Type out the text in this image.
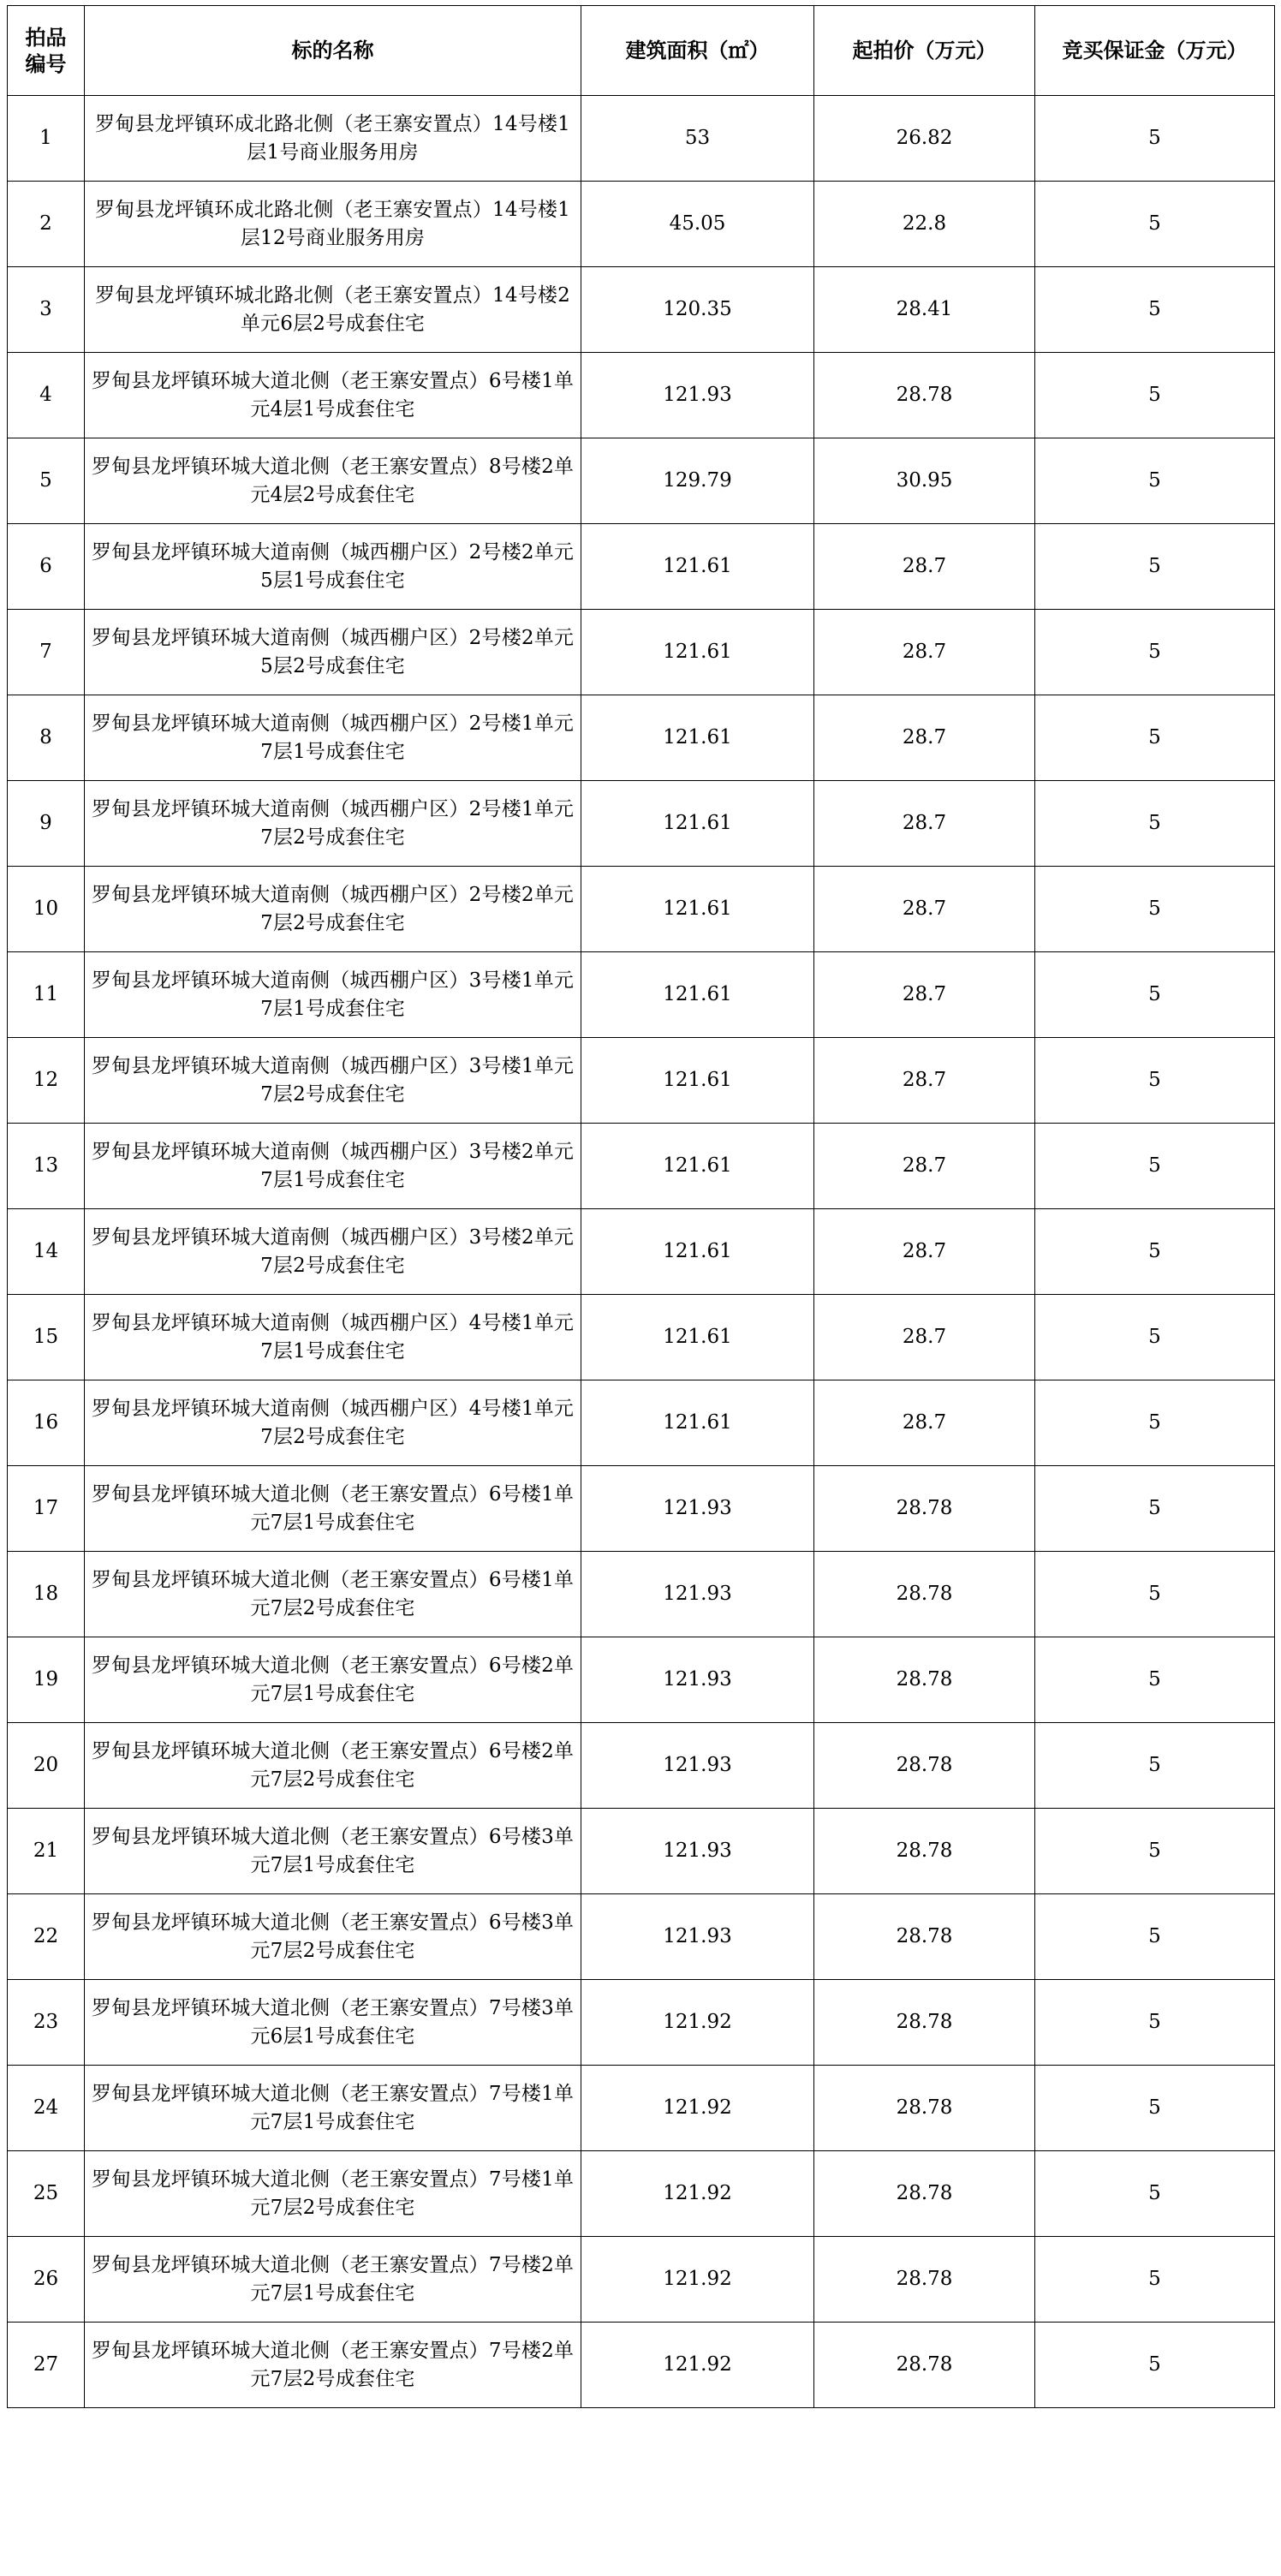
拍品
编号	标的名称	建筑面积（㎡）	起拍价（万元）	竞买保证金（万元）
1	罗甸县龙坪镇环成北路北侧（老王寨安置点）14号楼1层1号商业服务用房	53	26.82	5
2	罗甸县龙坪镇环成北路北侧（老王寨安置点）14号楼1层12号商业服务用房	45.05	22.8	5
3	罗甸县龙坪镇环城北路北侧（老王寨安置点）14号楼2单元6层2号成套住宅	120.35	28.41	5
4	罗甸县龙坪镇环城大道北侧（老王寨安置点）6号楼1单元4层1号成套住宅	121.93	28.78	5
5	罗甸县龙坪镇环城大道北侧（老王寨安置点）8号楼2单元4层2号成套住宅	129.79	30.95	5
6	罗甸县龙坪镇环城大道南侧（城西棚户区）2号楼2单元5层1号成套住宅	121.61	28.7	5
7	罗甸县龙坪镇环城大道南侧（城西棚户区）2号楼2单元5层2号成套住宅	121.61	28.7	5
8	罗甸县龙坪镇环城大道南侧（城西棚户区）2号楼1单元7层1号成套住宅	121.61	28.7	5
9	罗甸县龙坪镇环城大道南侧（城西棚户区）2号楼1单元7层2号成套住宅	121.61	28.7	5
10	罗甸县龙坪镇环城大道南侧（城西棚户区）2号楼2单元7层2号成套住宅	121.61	28.7	5
11	罗甸县龙坪镇环城大道南侧（城西棚户区）3号楼1单元7层1号成套住宅	121.61	28.7	5
12	罗甸县龙坪镇环城大道南侧（城西棚户区）3号楼1单元7层2号成套住宅	121.61	28.7	5
13	罗甸县龙坪镇环城大道南侧（城西棚户区）3号楼2单元7层1号成套住宅	121.61	28.7	5
14	罗甸县龙坪镇环城大道南侧（城西棚户区）3号楼2单元7层2号成套住宅	121.61	28.7	5
15	罗甸县龙坪镇环城大道南侧（城西棚户区）4号楼1单元7层1号成套住宅	121.61	28.7	5
16	罗甸县龙坪镇环城大道南侧（城西棚户区）4号楼1单元7层2号成套住宅	121.61	28.7	5
17	罗甸县龙坪镇环城大道北侧（老王寨安置点）6号楼1单元7层1号成套住宅	121.93	28.78	5
18	罗甸县龙坪镇环城大道北侧（老王寨安置点）6号楼1单元7层2号成套住宅	121.93	28.78	5
19	罗甸县龙坪镇环城大道北侧（老王寨安置点）6号楼2单元7层1号成套住宅	121.93	28.78	5
20	罗甸县龙坪镇环城大道北侧（老王寨安置点）6号楼2单元7层2号成套住宅	121.93	28.78	5
21	罗甸县龙坪镇环城大道北侧（老王寨安置点）6号楼3单元7层1号成套住宅	121.93	28.78	5
22	罗甸县龙坪镇环城大道北侧（老王寨安置点）6号楼3单元7层2号成套住宅	121.93	28.78	5
23	罗甸县龙坪镇环城大道北侧（老王寨安置点）7号楼3单元6层1号成套住宅	121.92	28.78	5
24	罗甸县龙坪镇环城大道北侧（老王寨安置点）7号楼1单元7层1号成套住宅	121.92	28.78	5
25	罗甸县龙坪镇环城大道北侧（老王寨安置点）7号楼1单元7层2号成套住宅	121.92	28.78	5
26	罗甸县龙坪镇环城大道北侧（老王寨安置点）7号楼2单元7层1号成套住宅	121.92	28.78	5
27	罗甸县龙坪镇环城大道北侧（老王寨安置点）7号楼2单元7层2号成套住宅	121.92	28.78	5
